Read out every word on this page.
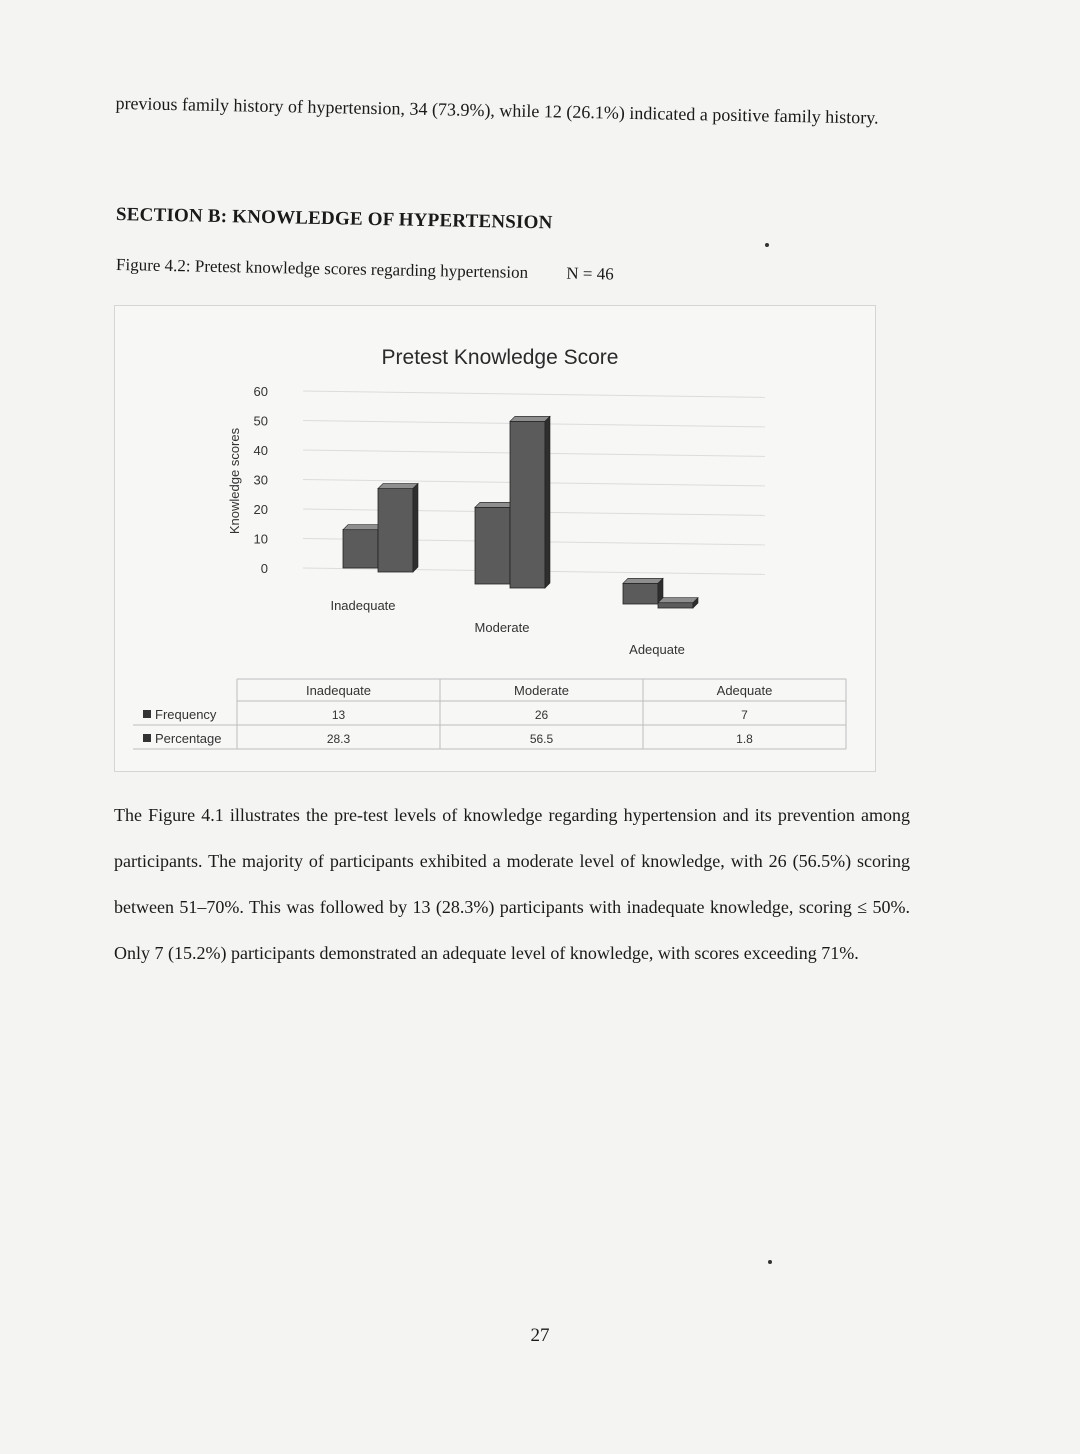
previous family history of hypertension, 34 (73.9%), while 12 (26.1%) indicated a positive family history.
SECTION B: KNOWLEDGE OF HYPERTENSION
Figure 4.2: Pretest knowledge scores regarding hypertension N = 46
Pretest Knowledge Score
0
10
20
30
40
50
60
Knowledge scores
Inadequate
Moderate
Adequate
Inadequate	Moderate	Adequate
Frequency	13	26	7
Percentage	28.3	56.5	1.8
The Figure 4.1 illustrates the pre-test levels of knowledge regarding hypertension and its prevention among participants. The majority of participants exhibited a moderate level of knowledge, with 26 (56.5%) scoring between 51–70%. This was followed by 13 (28.3%) participants with inadequate knowledge, scoring ≤ 50%. Only 7 (15.2%) participants demonstrated an adequate level of knowledge, with scores exceeding 71%.
27
